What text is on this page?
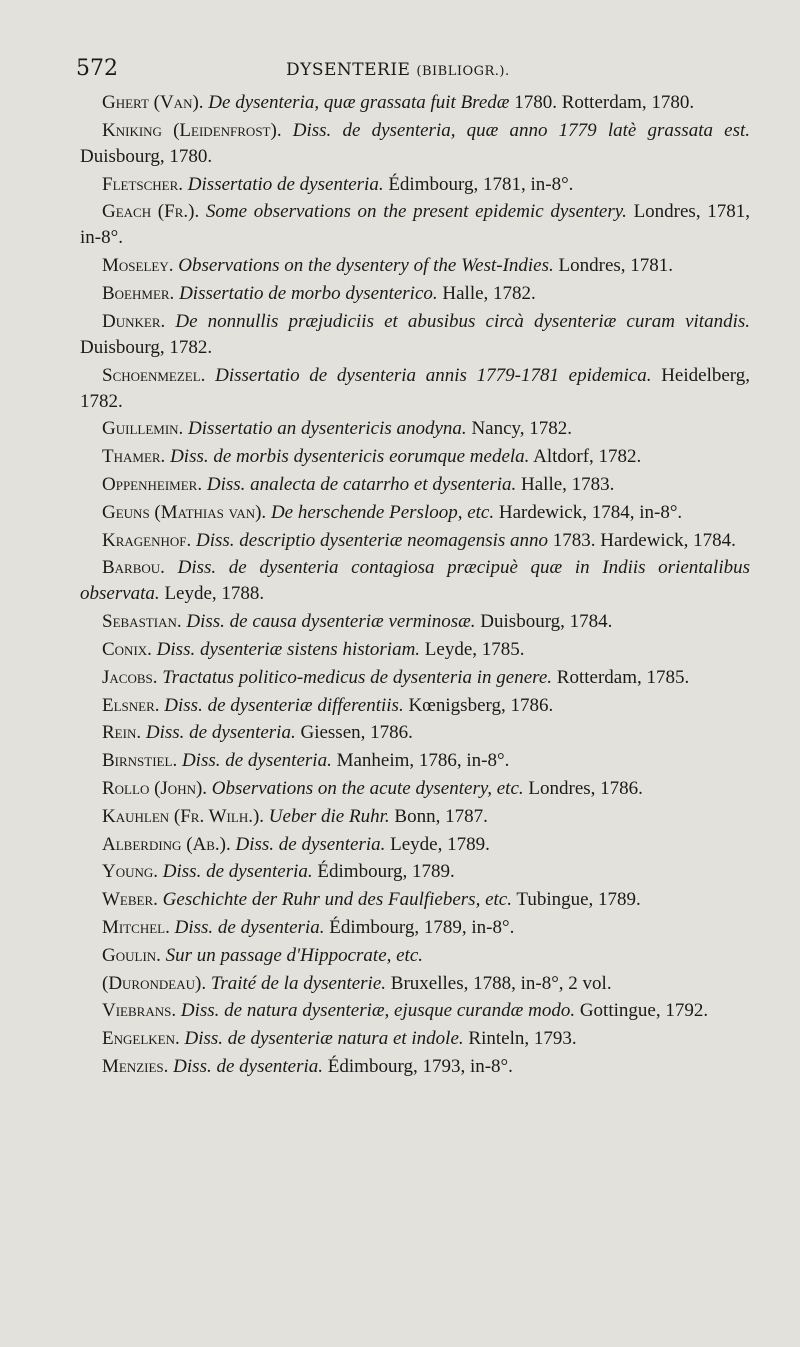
572	DYSENTERIE (BIBLIOGR.).

Ghert (Van). De dysenteria, quæ grassata fuit Bredæ 1780. Rotterdam, 1780.

Kniking (Leidenfrost). Diss. de dysenteria, quæ anno 1779 latè grassata est. Duisbourg, 1780.

Fletscher. Dissertatio de dysenteria. Édimbourg, 1781, in-8°.

Geach (Fr.). Some observations on the present epidemic dysentery. Londres, 1781, in-8°.

Moseley. Observations on the dysentery of the West-Indies. Londres, 1781.

Boehmer. Dissertatio de morbo dysenterico. Halle, 1782.

Dunker. De nonnullis præjudiciis et abusibus circà dysenteriæ curam vitandis. Duisbourg, 1782.

Schoenmezel. Dissertatio de dysenteria annis 1779-1781 epidemica. Heidelberg, 1782.

Guillemin. Dissertatio an dysentericis anodyna. Nancy, 1782.

Thamer. Diss. de morbis dysentericis eorumque medela. Altdorf, 1782.

Oppenheimer. Diss. analecta de catarrho et dysenteria. Halle, 1783.

Geuns (Mathias van). De herschende Persloop, etc. Hardewick, 1784, in-8°.

Kragenhof. Diss. descriptio dysenteriæ neomagensis anno 1783. Hardewick, 1784.

Barbou. Diss. de dysenteria contagiosa præcipuè quæ in Indiis orientalibus observata. Leyde, 1788.

Sebastian. Diss. de causa dysenteriæ verminosæ. Duisbourg, 1784.

Conix. Diss. dysenteriæ sistens historiam. Leyde, 1785.

Jacobs. Tractatus politico-medicus de dysenteria in genere. Rotterdam, 1785.

Elsner. Diss. de dysenteriæ differentiis. Kœnigsberg, 1786.

Rein. Diss. de dysenteria. Giessen, 1786.

Birnstiel. Diss. de dysenteria. Manheim, 1786, in-8°.

Rollo (John). Observations on the acute dysentery, etc. Londres, 1786.

Kauhlen (Fr. Wilh.). Ueber die Ruhr. Bonn, 1787.

Alberding (Ab.). Diss. de dysenteria. Leyde, 1789.

Young. Diss. de dysenteria. Édimbourg, 1789.

Weber. Geschichte der Ruhr und des Faulfiebers, etc. Tubingue, 1789.

Mitchel. Diss. de dysenteria. Édimbourg, 1789, in-8°.

Goulin. Sur un passage d'Hippocrate, etc.

(Durondeau). Traité de la dysenterie. Bruxelles, 1788, in-8°, 2 vol.

Viebrans. Diss. de natura dysenteriæ, ejusque curandæ modo. Gottingue, 1792.

Engelken. Diss. de dysenteriæ natura et indole. Rinteln, 1793.

Menzies. Diss. de dysenteria. Édimbourg, 1793, in-8°.
